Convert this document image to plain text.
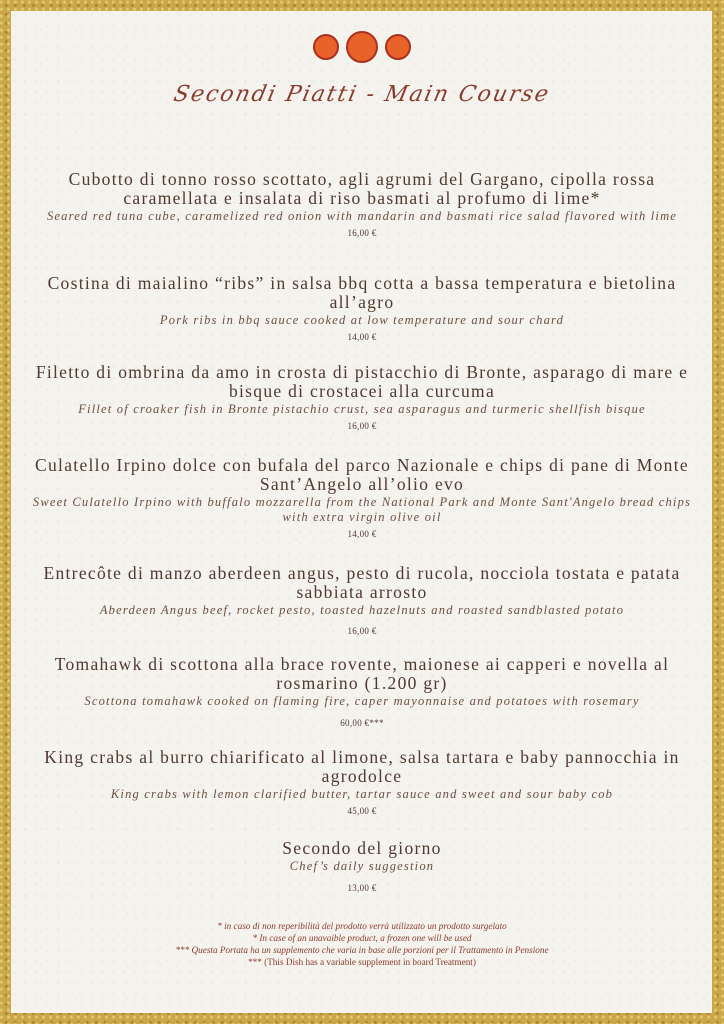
Secondi Piatti - Main Course
Cubotto di tonno rosso scottato, agli agrumi del Gargano, cipolla rossa caramellata e insalata di riso basmati al profumo di lime*
Seared red tuna cube, caramelized red onion with mandarin and basmati rice salad flavored with lime
16,00 €
Costina di maialino “ribs” in salsa bbq cotta a bassa temperatura e bietolina all’agro
Pork ribs in bbq sauce cooked at low temperature and sour chard
14,00 €
Filetto di ombrina da amo in crosta di pistacchio di Bronte, asparago di mare e bisque di crostacei alla curcuma
Fillet of croaker fish in Bronte pistachio crust, sea asparagus and turmeric shellfish bisque
16,00 €
Culatello Irpino dolce con bufala del parco Nazionale e chips di pane di Monte Sant’Angelo all’olio evo
Sweet Culatello Irpino with buffalo mozzarella from the National Park and Monte Sant'Angelo bread chips with extra virgin olive oil
14,00 €
Entrecôte di manzo aberdeen angus, pesto di rucola, nocciola tostata e patata sabbiata arrosto
Aberdeen Angus beef, rocket pesto, toasted hazelnuts and roasted sandblasted potato
16,00 €
Tomahawk di scottona alla brace rovente, maionese ai capperi e novella al rosmarino (1.200 gr)
Scottona tomahawk cooked on flaming fire, caper mayonnaise and potatoes with rosemary
60,00 €***
King crabs al burro chiarificato al limone, salsa tartara e baby pannocchia in agrodolce
King crabs with lemon clarified butter, tartar sauce and sweet and sour baby cob
45,00 €
Secondo del giorno
Chef’s daily suggestion
13,00 €
* in caso di non reperibilità del prodotto verrà utilizzato un prodotto surgelato
* In case of an unavaible product, a frozen one will be used
*** Questa Portata ha un supplemento che varia in base alle porzioni per il Trattamento in Pensione
*** (This Dish has a variable supplement in board Treatment)
